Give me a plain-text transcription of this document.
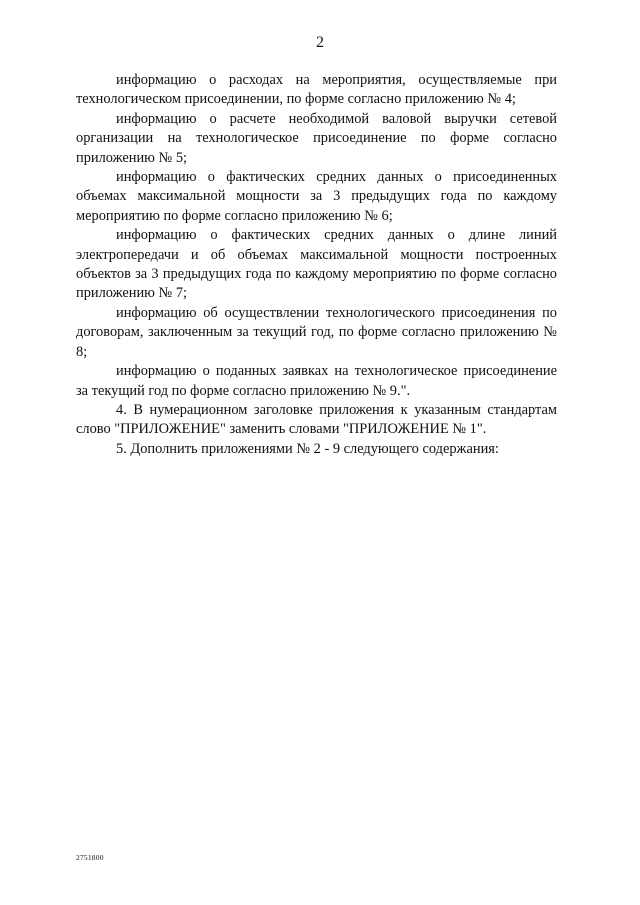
2

информацию о расходах на мероприятия, осуществляемые при технологическом присоединении, по форме согласно приложению № 4;

информацию о расчете необходимой валовой выручки сетевой организации на технологическое присоединение по форме согласно приложению № 5;

информацию о фактических средних данных о присоединенных объемах максимальной мощности за 3 предыдущих года по каждому мероприятию по форме согласно приложению № 6;

информацию о фактических средних данных о длине линий электропередачи и об объемах максимальной мощности построенных объектов за 3 предыдущих года по каждому мероприятию по форме согласно приложению № 7;

информацию об осуществлении технологического присоединения по договорам, заключенным за текущий год, по форме согласно приложению № 8;

информацию о поданных заявках на технологическое присоединение за текущий год по форме согласно приложению № 9.".

4. В нумерационном заголовке приложения к указанным стандартам слово "ПРИЛОЖЕНИЕ" заменить словами "ПРИЛОЖЕНИЕ № 1".

5. Дополнить приложениями № 2 - 9 следующего содержания:

2751800
